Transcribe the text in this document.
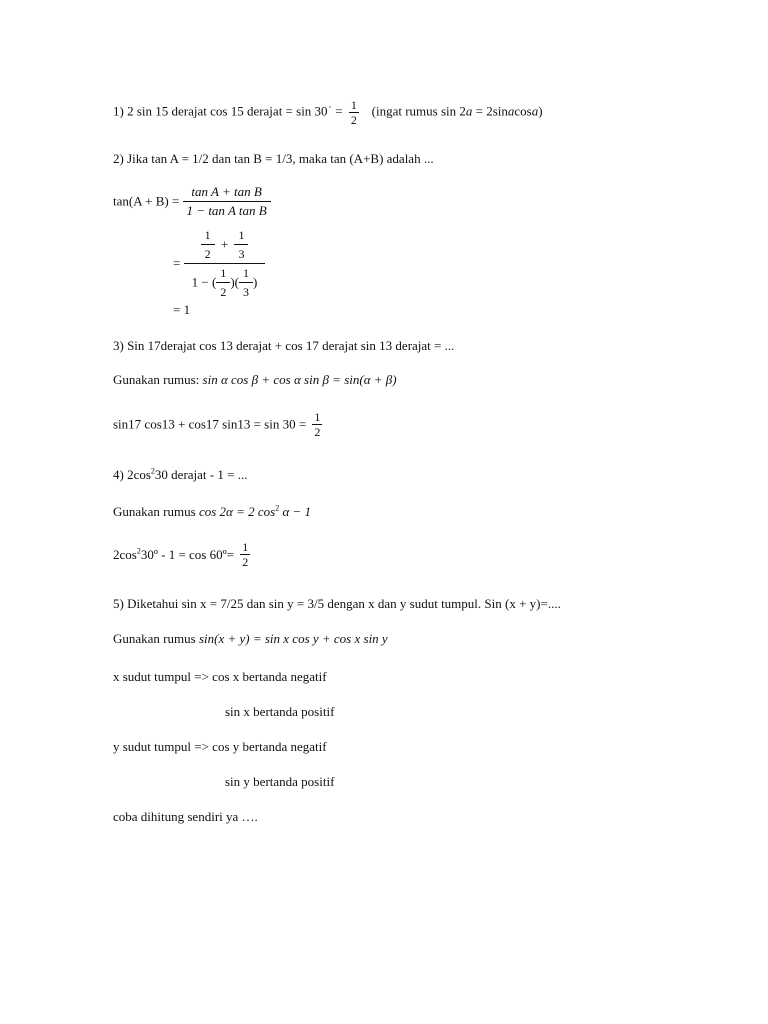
1) 2 sin 15 derajat cos 15 derajat = $\sin 30^◦ = \frac{1}{2}$ (ingat rumus sin 2a = 2sinacosa)
2) Jika tan A = 1/2 dan tan B = 1/3, maka tan (A+B) adalah ...
$\tan(A + B) = \frac{\text{tan A + tan B}}{\text{1 − tan A tan B}}$
= $\frac{\frac{1}{2} + \frac{1}{3}}{1 - ( \frac{1}{2} )( \frac{1}{3} )}$
= 1
3) Sin 17derajat cos 13 derajat + cos 17 derajat sin 13 derajat = ...
Gunakan rumus: sin α cos β + cos α sin β = sin(α + β)
sin17 cos13 + cos17 $\sin 13 = \sin 30 = \frac{1}{2}$
4) $2\cos^230$ derajat - 1 = ...
Gunakan rumus cos 2α = 2 $\cos^2 \alpha - 1$
$2\cos^230º - 1 = \cos$ 60º= $\frac{1}{2}$
5) Diketahui sin x = 7/25 dan sin y = 3/5 dengan x dan y sudut tumpul. Sin (x + y)=....
Gunakan rumus sin(x + y) = sin x cos y + cos x sin y
x sudut tumpul => cos x bertanda negatif
sin x bertanda positif
y sudut tumpul => cos y bertanda negatif
sin y bertanda positif
coba dihitung sendiri ya ….
